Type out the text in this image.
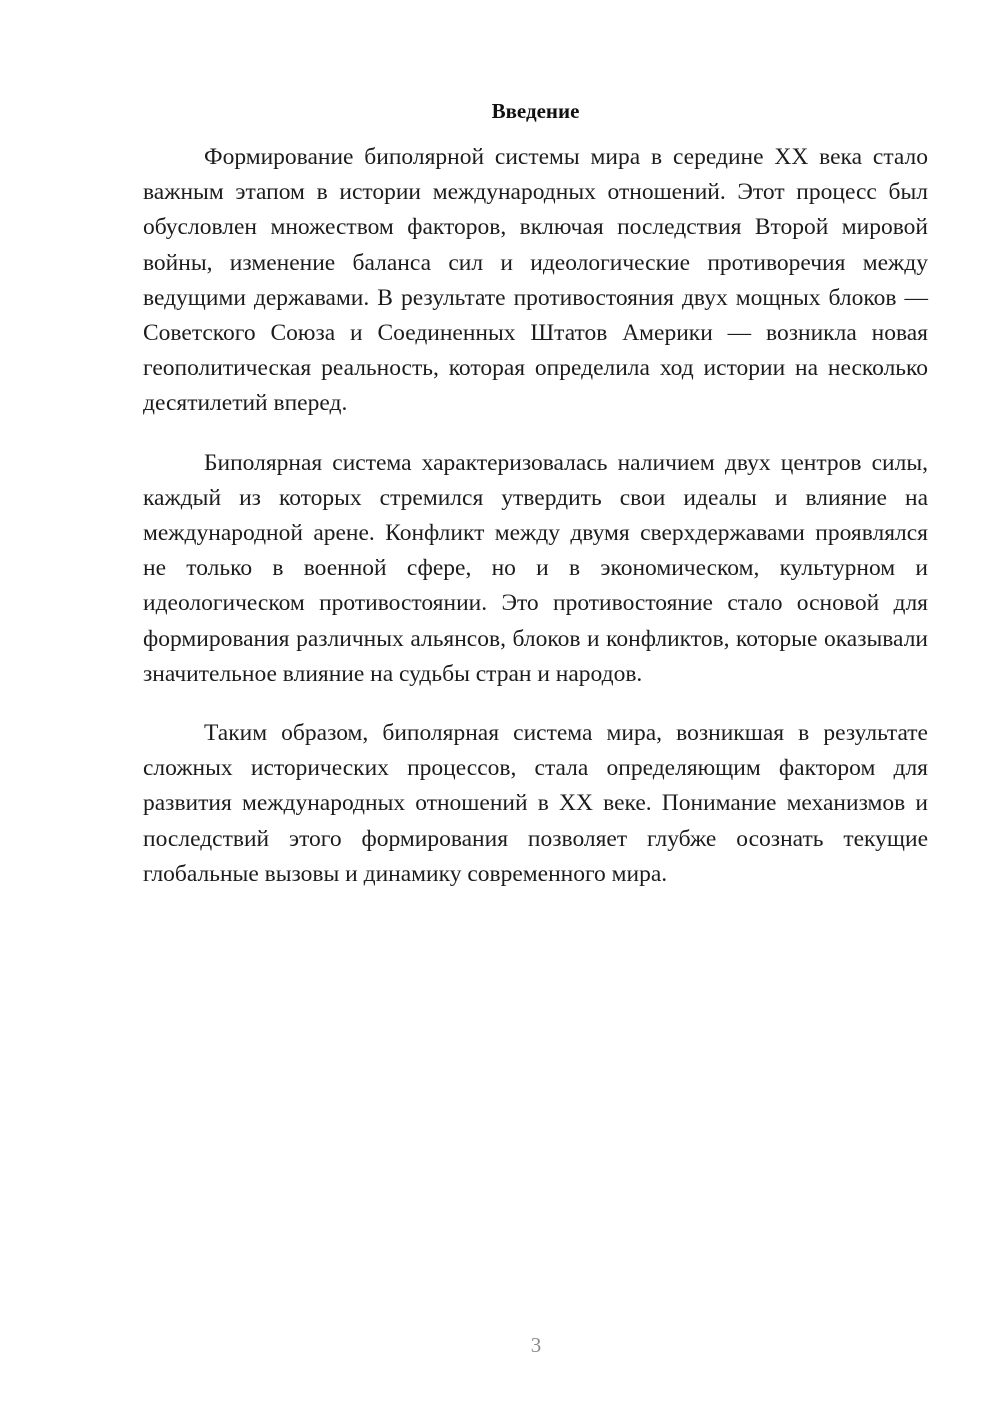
Введение

Формирование биполярной системы мира в середине XX века стало важным этапом в истории международных отношений. Этот процесс был обусловлен множеством факторов, включая последствия Второй мировой войны, изменение баланса сил и идеологические противоречия между ведущими державами. В результате противостояния двух мощных блоков — Советского Союза и Соединенных Штатов Америки — возникла новая геополитическая реальность, которая определила ход истории на несколько десятилетий вперед.

Биполярная система характеризовалась наличием двух центров силы, каждый из которых стремился утвердить свои идеалы и влияние на международной арене. Конфликт между двумя сверхдержавами проявлялся не только в военной сфере, но и в экономическом, культурном и идеологическом противостоянии. Это противостояние стало основой для формирования различных альянсов, блоков и конфликтов, которые оказывали значительное влияние на судьбы стран и народов.

Таким образом, биполярная система мира, возникшая в результате сложных исторических процессов, стала определяющим фактором для развития международных отношений в XX веке. Понимание механизмов и последствий этого формирования позволяет глубже осознать текущие глобальные вызовы и динамику современного мира.

3
